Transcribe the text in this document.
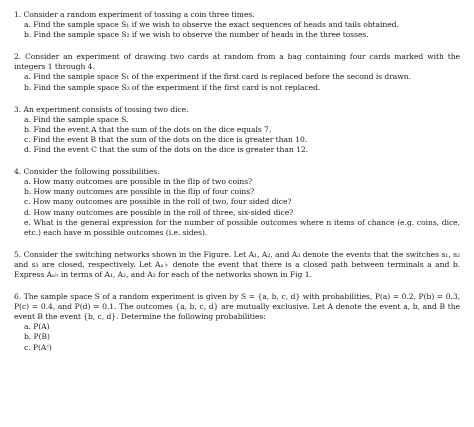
1. Consider a random experiment of tossing a coin three times.
a. Find the sample space S₁ if we wish to observe the exact sequences of heads and tails obtained.
b. Find the sample space S₂ if we wish to observe the number of heads in the three tosses.
2. Consider an experiment of drawing two cards at random from a bag containing four cards marked with the integers 1 through 4.
a. Find the sample space S₁ of the experiment if the first card is replaced before the second is drawn.
b. Find the sample space S₂ of the experiment if the first card is not replaced.
3. An experiment consists of tossing two dice.
a. Find the sample space S.
b. Find the event A that the sum of the dots on the dice equals 7.
c. Find the event B that the sum of the dots on the dice is greater than 10.
d. Find the event C that the sum of the dots on the dice is greater than 12.
4. Consider the following possibilities.
a. How many outcomes are possible in the flip of two coins?
b. How many outcomes are possible in the flip of four coins?
c. How many outcomes are possible in the roll of two, four sided dice?
d. How many outcomes are possible in the roll of three, six-sided dice?
e. What is the general expression for the number of possible outcomes where n items of chance (e.g. coins, dice, etc.) each have m possible outcomes (i.e. sides).
5. Consider the switching networks shown in the Figure. Let A₁, A₂, and A₃ denote the events that the switches s₁, s₂ and s₃ are closed, respectively. Let Aₐ♭ denote the event that there is a closed path between terminals a and b. Express Aₐ♭ in terms of A₁, A₂, and A₃ for each of the networks shown in Fig 1.
6. The sample space S of a random experiment is given by S = {a, b, c, d} with probabilities, P(a) = 0.2, P(b) = 0.3, P(c) = 0.4, and P(d) = 0.1. The outcomes {a, b, c, d} are mutually exclusive. Let A denote the event a, b, and B the event B the event {b, c, d}. Determine the following probabilities:
a. P(A)
b. P(B)
c. P(Aᶜ)
